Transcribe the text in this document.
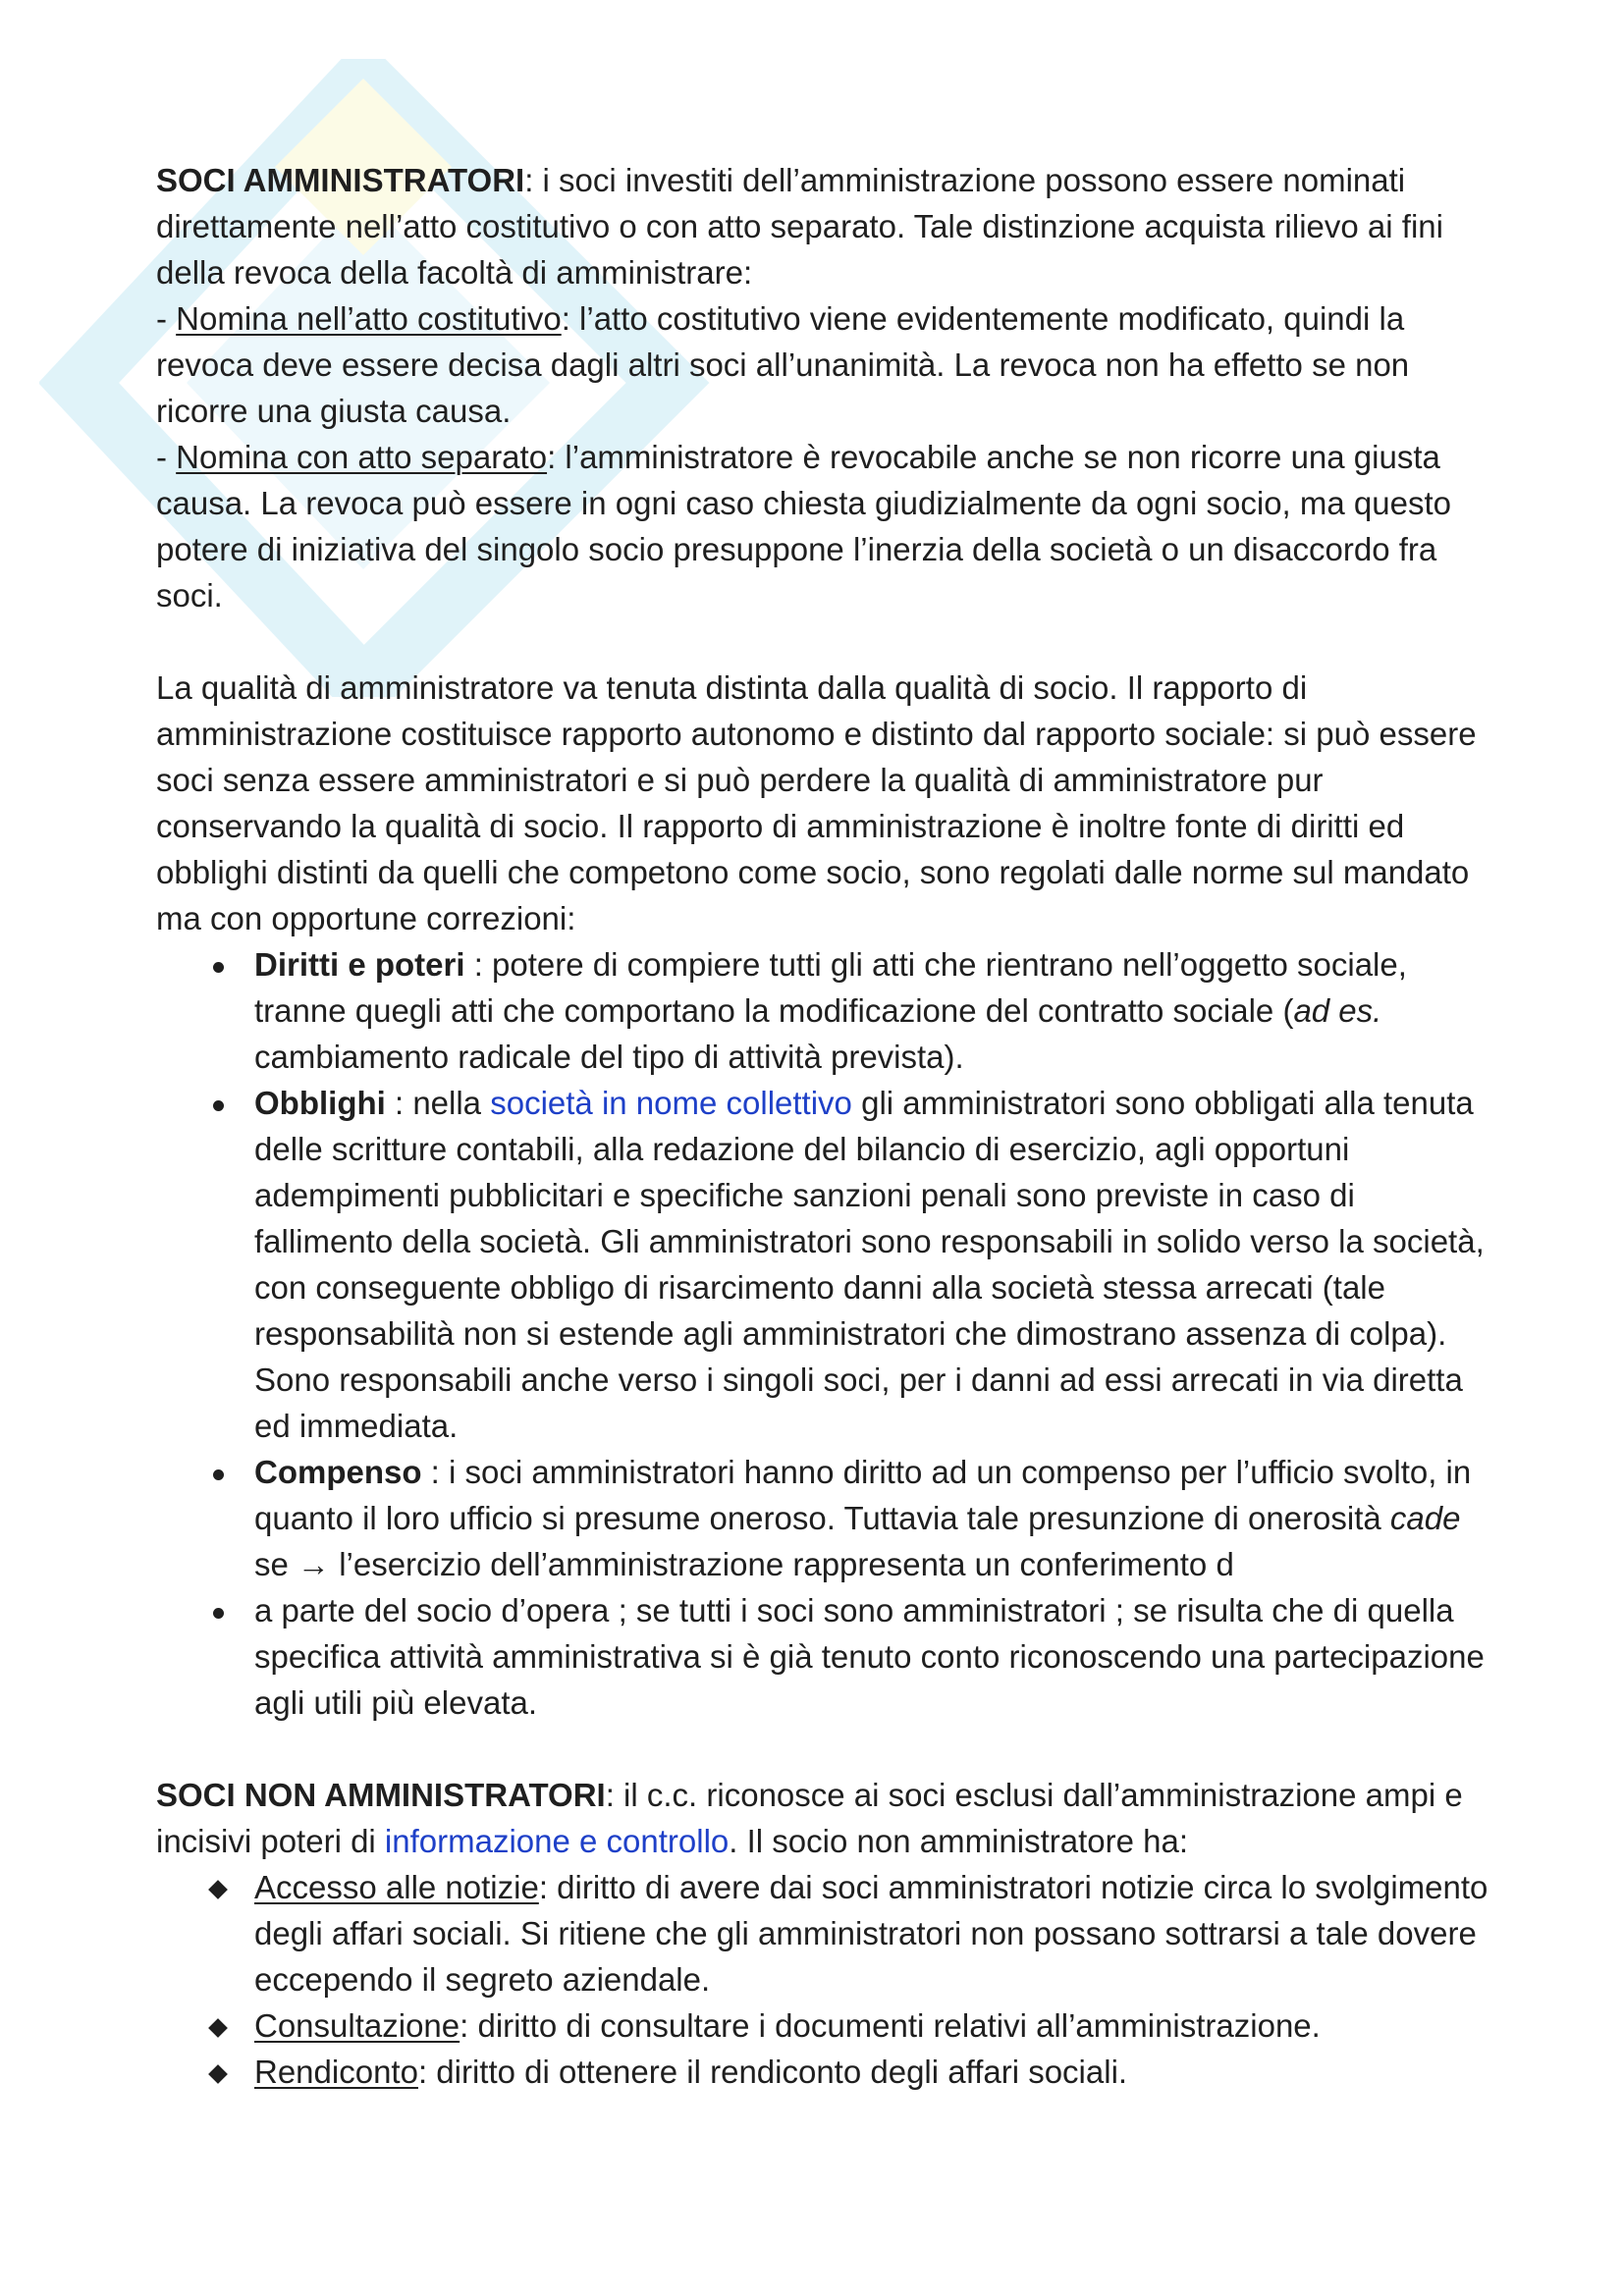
SOCI AMMINISTRATORI: i soci investiti dell’amministrazione possono essere nominati direttamente nell’atto costitutivo o con atto separato. Tale distinzione acquista rilievo ai fini della revoca della facoltà di amministrare:

- Nomina nell’atto costitutivo: l’atto costitutivo viene evidentemente modificato, quindi la revoca deve essere decisa dagli altri soci all’unanimità. La revoca non ha effetto se non ricorre una giusta causa.

- Nomina con atto separato: l’amministratore è revocabile anche se non ricorre una giusta causa. La revoca può essere in ogni caso chiesta giudizialmente da ogni socio, ma questo potere di iniziativa del singolo socio presuppone l’inerzia della società o un disaccordo fra soci.

La qualità di amministratore va tenuta distinta dalla qualità di socio. Il rapporto di amministrazione costituisce rapporto autonomo e distinto dal rapporto sociale: si può essere soci senza essere amministratori e si può perdere la qualità di amministratore pur conservando la qualità di socio. Il rapporto di amministrazione è inoltre fonte di diritti ed obblighi distinti da quelli che competono come socio, sono regolati dalle norme sul mandato ma con opportune correzioni:

Diritti e poteri : potere di compiere tutti gli atti che rientrano nell’oggetto sociale, tranne quegli atti che comportano la modificazione del contratto sociale (ad es. cambiamento radicale del tipo di attività prevista).
Obblighi : nella società in nome collettivo gli amministratori sono obbligati alla tenuta delle scritture contabili, alla redazione del bilancio di esercizio, agli opportuni adempimenti pubblicitari e specifiche sanzioni penali sono previste in caso di fallimento della società. Gli amministratori sono responsabili in solido verso la società, con conseguente obbligo di risarcimento danni alla società stessa arrecati (tale responsabilità non si estende agli amministratori che dimostrano assenza di colpa). Sono responsabili anche verso i singoli soci, per i danni ad essi arrecati in via diretta ed immediata.
Compenso : i soci amministratori hanno diritto ad un compenso per l’ufficio svolto, in quanto il loro ufficio si presume oneroso. Tuttavia tale presunzione di onerosità cade se → l’esercizio dell’amministrazione rappresenta un conferimento d
a parte del socio d’opera ; se tutti i soci sono amministratori ; se risulta che di quella specifica attività amministrativa si è già tenuto conto riconoscendo una partecipazione agli utili più elevata.

SOCI NON AMMINISTRATORI: il c.c. riconosce ai soci esclusi dall’amministrazione ampi e incisivi poteri di informazione e controllo. Il socio non amministratore ha:

Accesso alle notizie: diritto di avere dai soci amministratori notizie circa lo svolgimento degli affari sociali. Si ritiene che gli amministratori non possano sottrarsi a tale dovere eccependo il segreto aziendale.
Consultazione: diritto di consultare i documenti relativi all’amministrazione.
Rendiconto: diritto di ottenere il rendiconto degli affari sociali.
